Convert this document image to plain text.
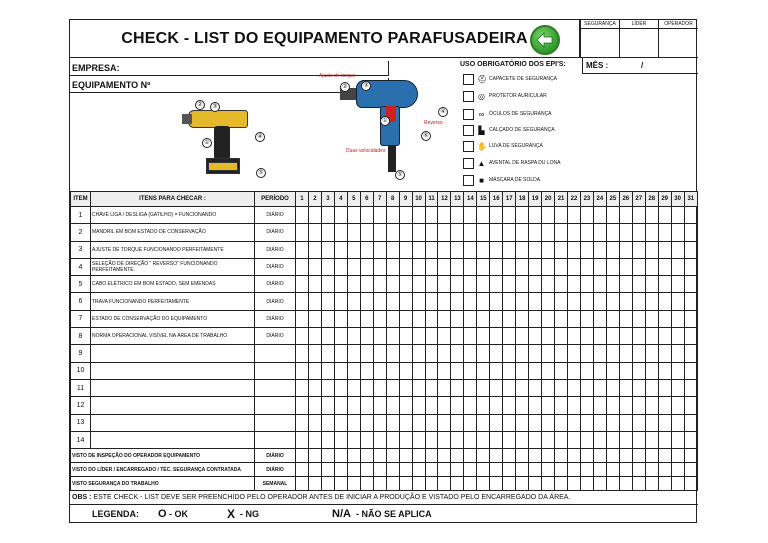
CHECK - LIST DO EQUIPAMENTO PARAFUSADEIRA
SEGURANÇA	LÍDER	OPERADOR
EMPRESA:
EQUIPAMENTO Nº
MÊS :	/
②	③
④
①
⑤
Ajuste de torque
②	③
④
Reverso
①
⑥
Duas velocidades
⑤
USO OBRIGATÓRIO DOS EPI'S:
⛑ CAPACETE DE SEGURANÇA
◎ PROTETOR AURICULAR
∞ ÓCULOS DE SEGURANÇA
▙ CALÇADO DE SEGURANÇA
✋ LUVA DE SEGURANÇA
▲ AVENTAL DE RASPA DU LONA
■	MÁSCARA DE SOLDA
ITEM	ITENS PARA CHECAR :	PERÍODO	1	2	3	4	5	6	7	8	9	10	11	12	13	14	15	16	17	18	19	20	21	22	23	24	25	26	27	28	29	30	31
1	CHAVE LIGA / DESLIGA (GATILHO) = FUNCIONANDO	DIÁRIO																															
2	MANDRIL EM BOM ESTADO DE CONSERVAÇÃO	DIÁRIO																															
3	AJUSTE DE TORQUE FUNCIONANDO PERFEITAMENTE	DIÁRIO																															
4	SELEÇÃO DE DIREÇÃO " REVERSO" FUNCIONANDO PERFEITAMENTE.	DIÁRIO																															
5	CABO ELÉTRICO EM BOM ESTADO, SEM EMENDAS	DIÁRIO																															
6	TRAVA FUNCIONANDO PERFEITAMENTE	DIÁRIO																															
7	ESTADO DE CONSERVAÇÃO DO EQUIPAMENTO	DIÁRIO																															
8	NORMA OPERACIONAL VISÍVEL NA ÁREA DE TRABALHO	DIÁRIO																															
9																																	
10																																	
11																																	
12																																	
13																																	
14																																	
VISTO DE INSPEÇÃO DO OPERADOR EQUIPAMENTO		DIÁRIO																															
VISTO DO LÍDER / ENCARREGADO / TÉC. SEGURANÇA CONTRATADA		DIÁRIO																															
VISTO SEGURANÇA DO TRABALHO		SEMANAL																															
OBS : ESTE CHECK - LIST DEVE SER PREENCHIDO PELO OPERADOR ANTES DE INICIAR A PRODUÇÃO E VISTADO PELO ENCARREGADO DA ÁREA.
LEGENDA: O - OK	X - NG	N/A - NÃO SE APLICA
